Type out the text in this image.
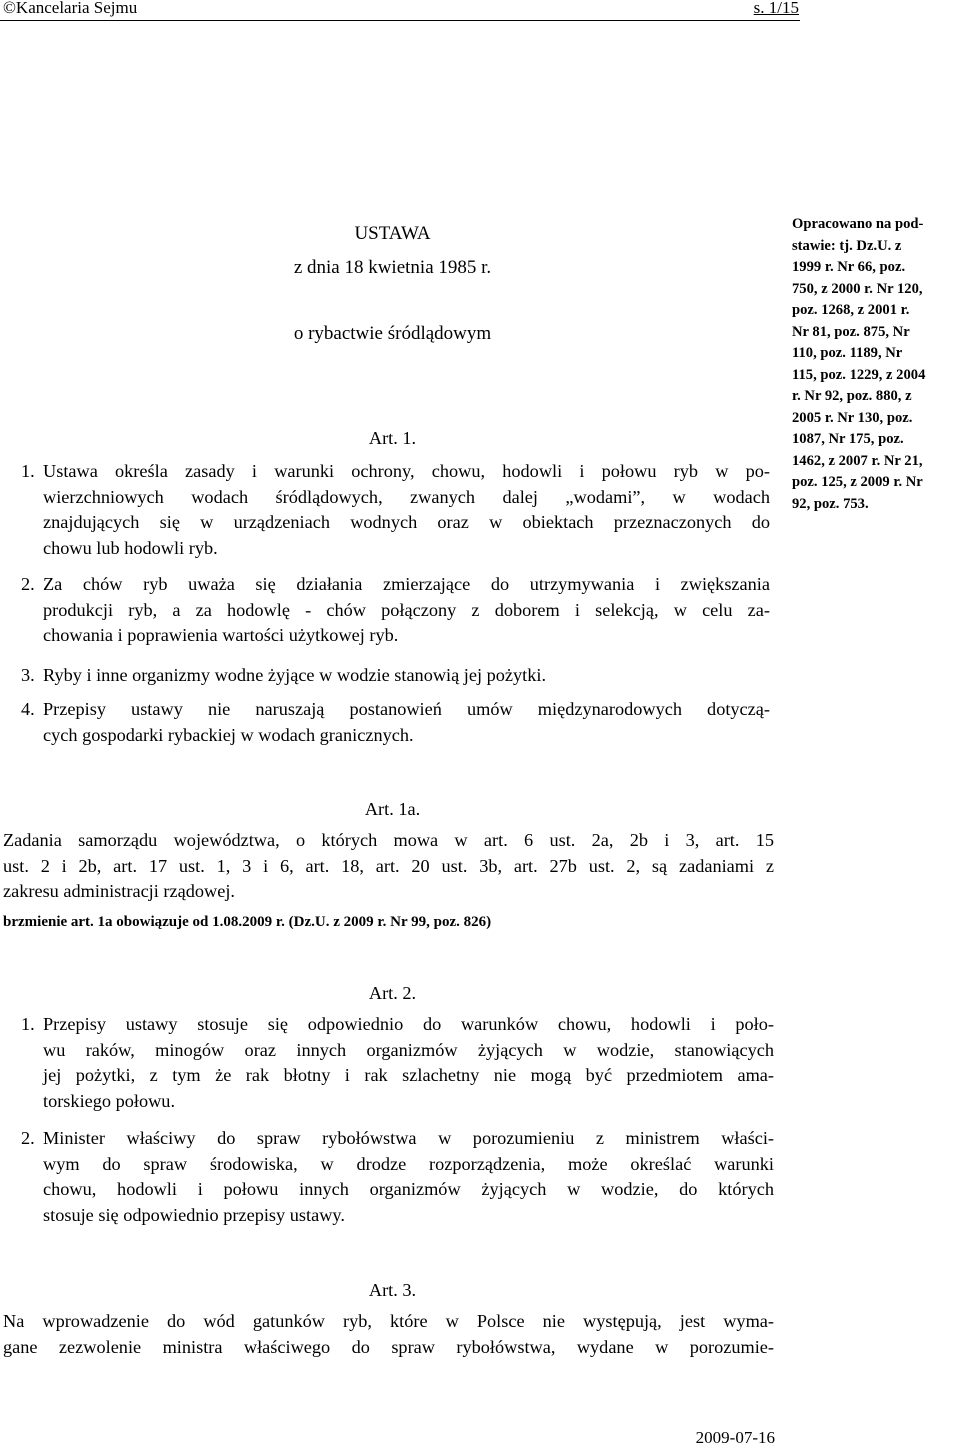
©Kancelaria Sejmu	s. 1/15
USTAWA
z dnia 18 kwietnia 1985 r.
o rybactwie śródlądowym
Opracowano na pod-
stawie: tj. Dz.U. z
1999 r. Nr 66, poz.
750, z 2000 r. Nr 120,
poz. 1268, z 2001 r.
Nr 81, poz. 875, Nr
110, poz. 1189, Nr
115, poz. 1229, z 2004
r. Nr 92, poz. 880, z
2005 r. Nr 130, poz.
1087, Nr 175, poz.
1462, z 2007 r. Nr 21,
poz. 125, z 2009 r. Nr
92, poz. 753.
Art. 1.
1. Ustawa określa zasady i warunki ochrony, chowu, hodowli i połowu ryb w po-
wierzchniowych wodach śródlądowych, zwanych dalej „wodami”, w wodach
znajdujących się w urządzeniach wodnych oraz w obiektach przeznaczonych do
chowu lub hodowli ryb.
2. Za chów ryb uważa się działania zmierzające do utrzymywania i zwiększania
produkcji ryb, a za hodowlę - chów połączony z doborem i selekcją, w celu za-
chowania i poprawienia wartości użytkowej ryb.
3. Ryby i inne organizmy wodne żyjące w wodzie stanowią jej pożytki.
4. Przepisy ustawy nie naruszają postanowień umów międzynarodowych dotyczą-
cych gospodarki rybackiej w wodach granicznych.
Art. 1a.
Zadania samorządu województwa, o których mowa w art. 6 ust. 2a, 2b i 3, art. 15
ust. 2 i 2b, art. 17 ust. 1, 3 i 6, art. 18, art. 20 ust. 3b, art. 27b ust. 2, są zadaniami z
zakresu administracji rządowej.
brzmienie art. 1a obowiązuje od 1.08.2009 r. (Dz.U. z 2009 r. Nr 99, poz. 826)
Art. 2.
1. Przepisy ustawy stosuje się odpowiednio do warunków chowu, hodowli i poło-
wu raków, minogów oraz innych organizmów żyjących w wodzie, stanowiących
jej pożytki, z tym że rak błotny i rak szlachetny nie mogą być przedmiotem ama-
torskiego połowu.
2. Minister właściwy do spraw rybołówstwa w porozumieniu z ministrem właści-
wym do spraw środowiska, w drodze rozporządzenia, może określać warunki
chowu, hodowli i połowu innych organizmów żyjących w wodzie, do których
stosuje się odpowiednio przepisy ustawy.
Art. 3.
Na wprowadzenie do wód gatunków ryb, które w Polsce nie występują, jest wyma-
gane zezwolenie ministra właściwego do spraw rybołówstwa, wydane w porozumie-
2009-07-16
